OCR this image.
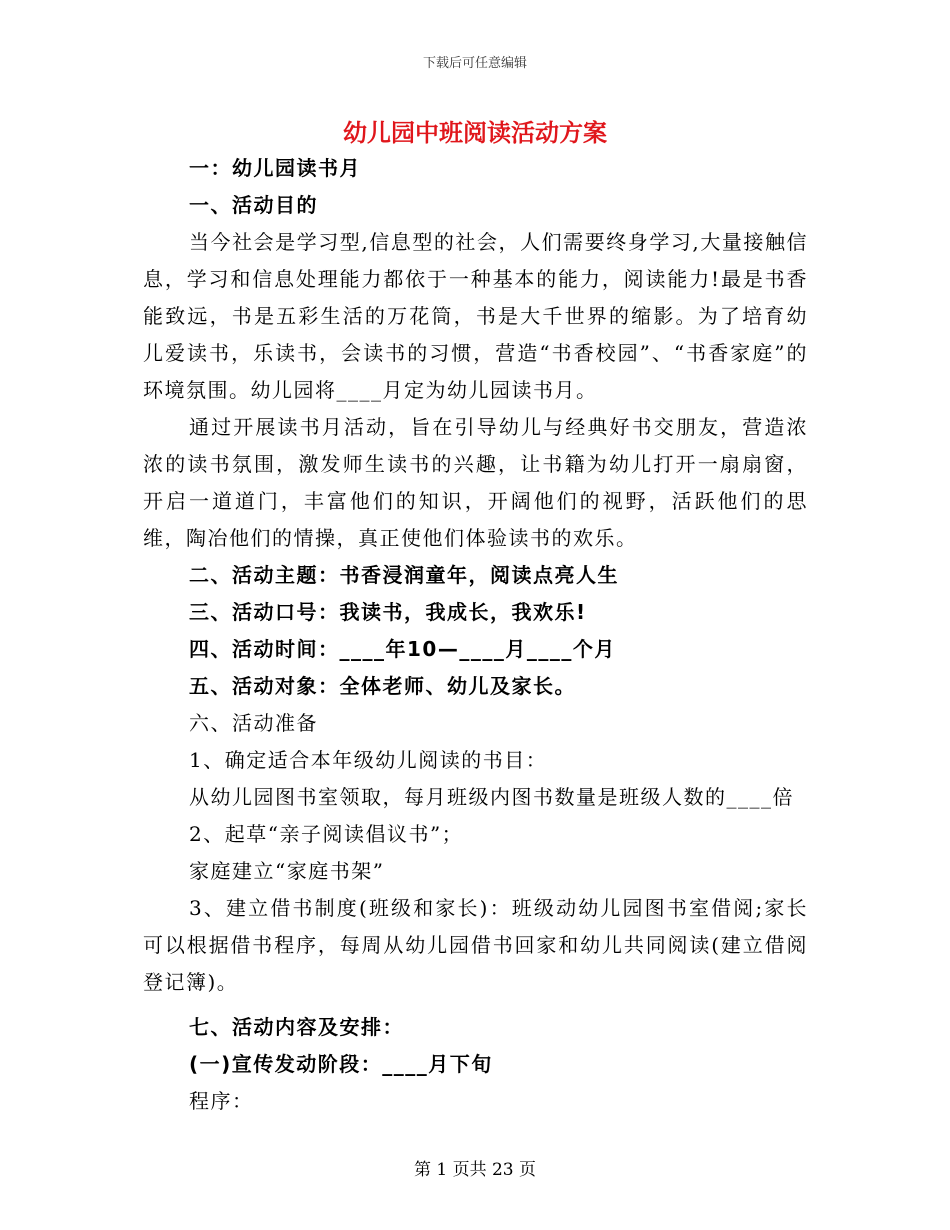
下载后可任意编辑
幼儿园中班阅读活动方案
一：幼儿园读书月
一、活动目的
当今社会是学习型,信息型的社会，人们需要终身学习,大量接触信息，学习和信息处理能力都依于一种基本的能力，阅读能力!最是书香能致远，书是五彩生活的万花筒，书是大千世界的缩影。为了培育幼儿爱读书，乐读书，会读书的习惯，营造“书香校园”、“书香家庭”的环境氛围。幼儿园将____月定为幼儿园读书月。
通过开展读书月活动，旨在引导幼儿与经典好书交朋友，营造浓浓的读书氛围，激发师生读书的兴趣，让书籍为幼儿打开一扇扇窗，开启一道道门，丰富他们的知识，开阔他们的视野，活跃他们的思维，陶冶他们的情操，真正使他们体验读书的欢乐。
二、活动主题：书香浸润童年，阅读点亮人生
三、活动口号：我读书，我成长，我欢乐!
四、活动时间：____年10—____月____个月
五、活动对象：全体老师、幼儿及家长。
六、活动准备
1、确定适合本年级幼儿阅读的书目：
从幼儿园图书室领取，每月班级内图书数量是班级人数的____倍
2、起草“亲子阅读倡议书”；
家庭建立“家庭书架”
3、建立借书制度(班级和家长)：班级动幼儿园图书室借阅;家长可以根据借书程序，每周从幼儿园借书回家和幼儿共同阅读(建立借阅登记簿)。
七、活动内容及安排：
(一)宣传发动阶段：____月下旬
程序：
第 1 页共 23 页
